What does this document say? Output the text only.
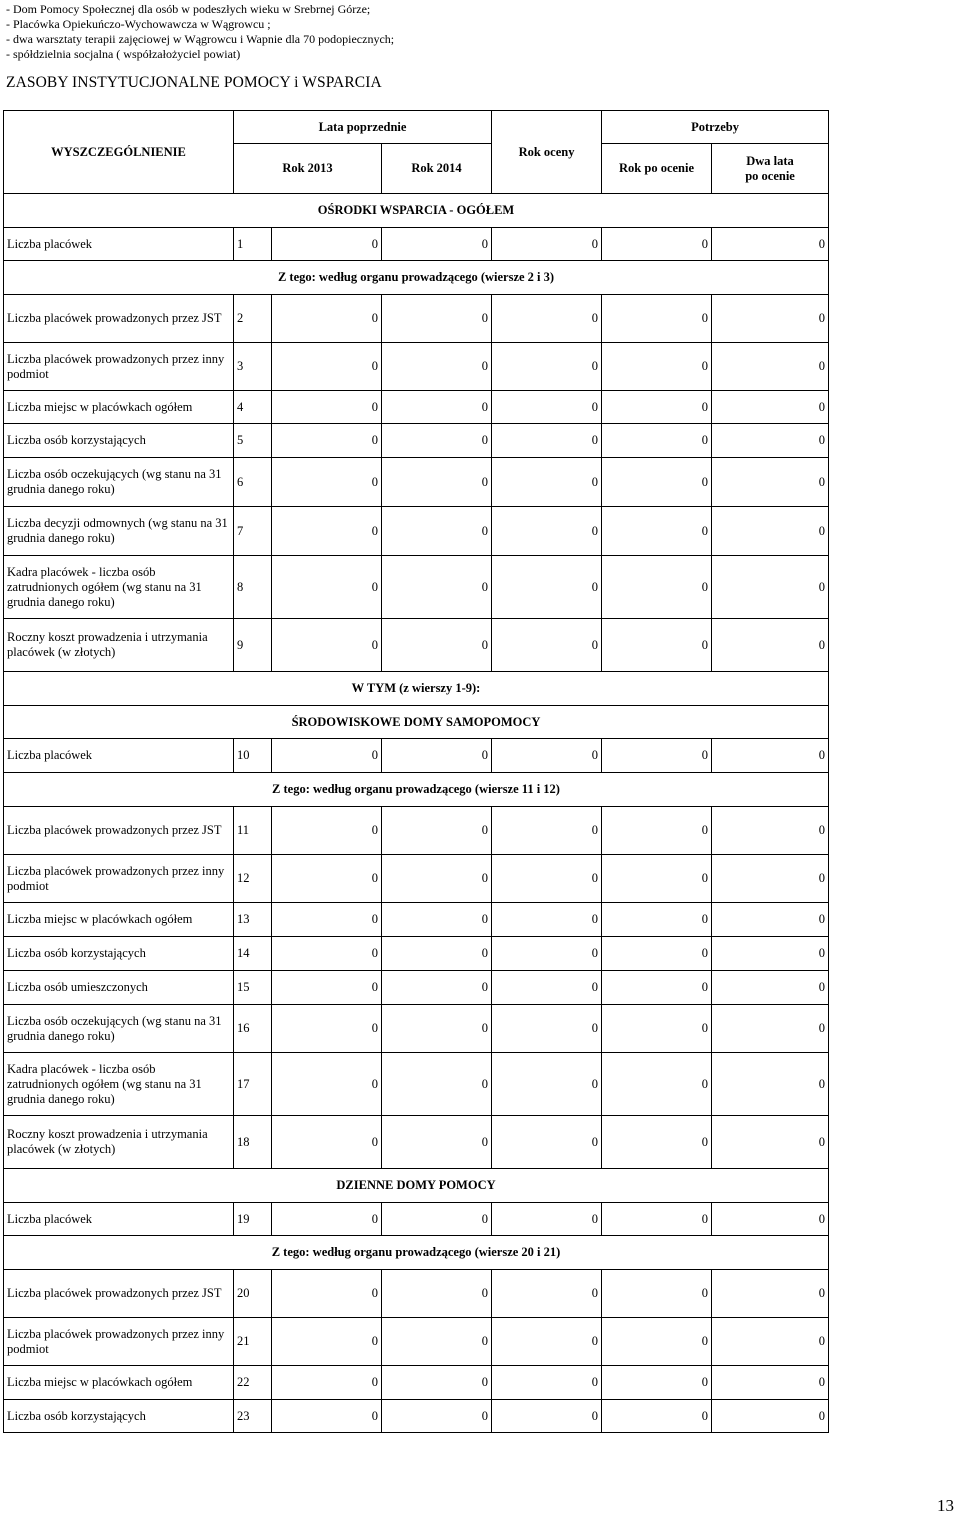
- Dom Pomocy Społecznej dla osób w podeszłych wieku w Srebrnej Górze;
- Placówka Opiekuńczo-Wychowawcza w Wągrowcu ;
- dwa warsztaty terapii zajęciowej w Wągrowcu i Wapnie dla 70 podopiecznych;
- spółdzielnia socjalna ( współzałożyciel powiat)
ZASOBY INSTYTUCJONALNE POMOCY i WSPARCIA
WYSZCZEGÓLNIENIE	Lata poprzednie			Rok oceny	Potrzeby	
	Rok 2013		Rok 2014		Rok po ocenie	Dwa lata
po ocenie
OŚRODKI WSPARCIA - OGÓŁEM						
Liczba placówek	1	0	0	0	0	0
Z tego: według organu prowadzącego (wiersze 2 i 3)						
Liczba placówek prowadzonych przez JST	2	0	0	0	0	0
Liczba placówek prowadzonych przez inny podmiot	3	0	0	0	0	0
Liczba miejsc w placówkach ogółem	4	0	0	0	0	0
Liczba osób korzystających	5	0	0	0	0	0
Liczba osób oczekujących (wg stanu na 31 grudnia danego roku)	6	0	0	0	0	0
Liczba decyzji odmownych (wg stanu na 31 grudnia danego roku)	7	0	0	0	0	0
Kadra placówek - liczba osób zatrudnionych ogółem (wg stanu na 31 grudnia danego roku)	8	0	0	0	0	0
Roczny koszt prowadzenia i utrzymania placówek (w złotych)	9	0	0	0	0	0
W TYM (z wierszy 1-9):						
ŚRODOWISKOWE DOMY SAMOPOMOCY						
Liczba placówek	10	0	0	0	0	0
Z tego: według organu prowadzącego (wiersze 11 i 12)						
Liczba placówek prowadzonych przez JST	11	0	0	0	0	0
Liczba placówek prowadzonych przez inny podmiot	12	0	0	0	0	0
Liczba miejsc w placówkach ogółem	13	0	0	0	0	0
Liczba osób korzystających	14	0	0	0	0	0
Liczba osób umieszczonych	15	0	0	0	0	0
Liczba osób oczekujących (wg stanu na 31 grudnia danego roku)	16	0	0	0	0	0
Kadra placówek - liczba osób zatrudnionych ogółem (wg stanu na 31 grudnia danego roku)	17	0	0	0	0	0
Roczny koszt prowadzenia i utrzymania placówek (w złotych)	18	0	0	0	0	0
DZIENNE DOMY POMOCY						
Liczba placówek	19	0	0	0	0	0
Z tego: według organu prowadzącego (wiersze 20 i 21)						
Liczba placówek prowadzonych przez JST	20	0	0	0	0	0
Liczba placówek prowadzonych przez inny podmiot	21	0	0	0	0	0
Liczba miejsc w placówkach ogółem	22	0	0	0	0	0
Liczba osób korzystających	23	0	0	0	0	0
13
